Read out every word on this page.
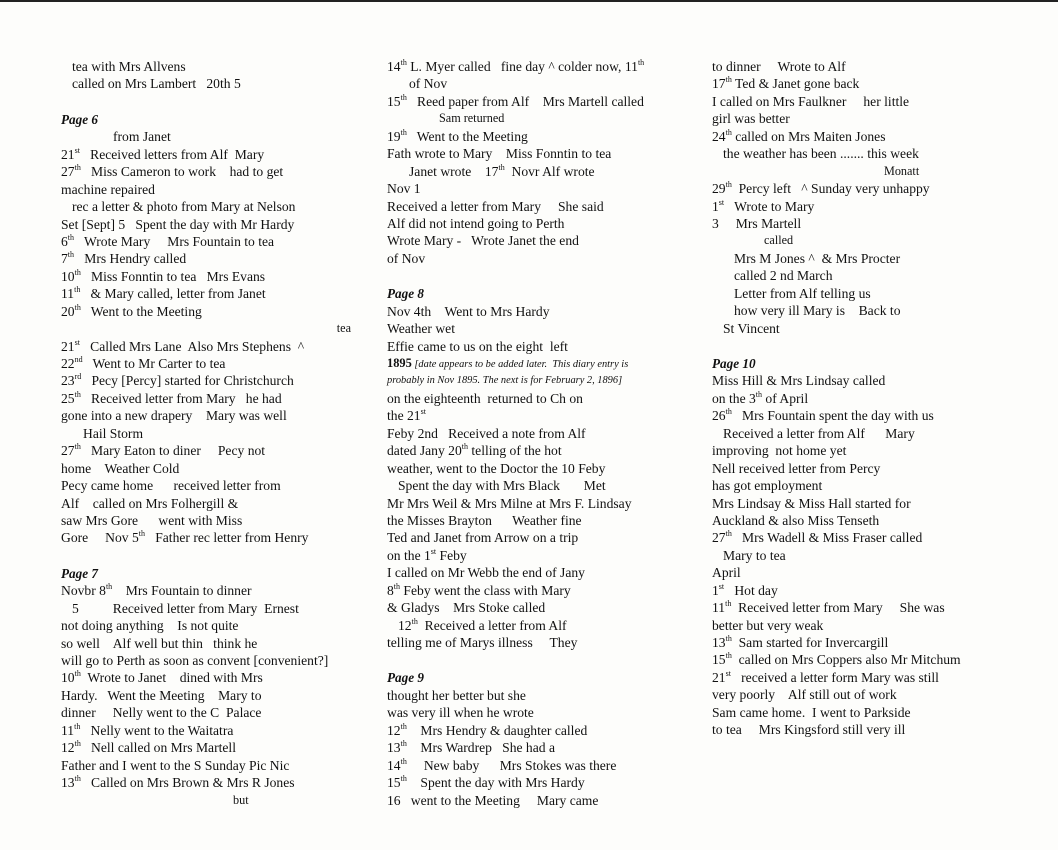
tea with Mrs Allvens
called on Mrs Lambert   20th 5
Page 6
from Janet
21st   Received letters from Alf  Mary
27th   Miss Cameron to work    had to get
machine repaired
rec a letter & photo from Mary at Nelson
Set [Sept] 5   Spent the day with Mr Hardy
6th   Wrote Mary     Mrs Fountain to tea
7th   Mrs Hendry called
10th   Miss Fonntin to tea   Mrs Evans
11th   & Mary called, letter from Janet
20th   Went to the Meeting
tea
21st   Called Mrs Lane  Also Mrs Stephens  ^
22nd   Went to Mr Carter to tea
23rd   Pecy [Percy] started for Christchurch
25th   Received letter from Mary   he had
gone into a new drapery    Mary was well
Hail Storm
27th   Mary Eaton to diner     Pecy not
home    Weather Cold
Pecy came home      received letter from
Alf    called on Mrs Folhergill &
saw Mrs Gore      went with Miss
Gore     Nov 5th   Father rec letter from Henry
Page 7
Novbr 8th    Mrs Fountain to dinner
5          Received letter from Mary  Ernest
not doing anything    Is not quite
so well    Alf well but thin   think he
will go to Perth as soon as convent [convenient?]
10th  Wrote to Janet    dined with Mrs
Hardy.   Went the Meeting    Mary to
dinner     Nelly went to the C  Palace
11th   Nelly went to the Waitatra
12th   Nell called on Mrs Martell
Father and I went to the S Sunday Pic Nic
13th   Called on Mrs Brown & Mrs R Jones
but
14th L. Myer called   fine day ^ colder now, 11th
of Nov
15th   Reed paper from Alf    Mrs Martell called
Sam returned
19th   Went to the Meeting
Fath wrote to Mary    Miss Fonntin to tea
Janet wrote    17th  Novr Alf wrote
Nov 1
Received a letter from Mary     She said
Alf did not intend going to Perth
Wrote Mary -   Wrote Janet the end
of Nov
Page 8
Nov 4th    Went to Mrs Hardy
Weather wet
Effie came to us on the eight  left
1895 [date appears to be added later.  This diary entry is
probably in Nov 1895. The next is for February 2, 1896]
on the eighteenth  returned to Ch on
the 21st
Feby 2nd   Received a note from Alf
dated Jany 20th telling of the hot
weather, went to the Doctor the 10 Feby
Spent the day with Mrs Black       Met
Mr Mrs Weil & Mrs Milne at Mrs F. Lindsay
the Misses Brayton      Weather fine
Ted and Janet from Arrow on a trip
on the 1st Feby
I called on Mr Webb the end of Jany
8th Feby went the class with Mary
& Gladys    Mrs Stoke called
12th  Received a letter from Alf
telling me of Marys illness     They
Page 9
thought her better but she
was very ill when he wrote
12th    Mrs Hendry & daughter called
13th    Mrs Wardrep   She had a
14th     New baby      Mrs Stokes was there
15th    Spent the day with Mrs Hardy
16   went to the Meeting     Mary came
to dinner     Wrote to Alf
17th Ted & Janet gone back
I called on Mrs Faulkner     her little
girl was better
24th called on Mrs Maiten Jones
the weather has been ....... this week
Monatt
29th  Percy left   ^ Sunday very unhappy
1st   Wrote to Mary
3     Mrs Martell
called
Mrs M Jones ^  & Mrs Procter
called 2 nd March
Letter from Alf telling us
how very ill Mary is    Back to
St Vincent
Page 10
Miss Hill & Mrs Lindsay called
on the 3th of April
26th   Mrs Fountain spent the day with us
Received a letter from Alf      Mary
improving  not home yet
Nell received letter from Percy
has got employment
Mrs Lindsay & Miss Hall started for
Auckland & also Miss Tenseth
27th   Mrs Wadell & Miss Fraser called
Mary to tea
April
1st   Hot day
11th  Received letter from Mary     She was
better but very weak
13th  Sam started for Invercargill
15th  called on Mrs Coppers also Mr Mitchum
21st   received a letter form Mary was still
very poorly    Alf still out of work
Sam came home.  I went to Parkside
to tea     Mrs Kingsford still very ill
